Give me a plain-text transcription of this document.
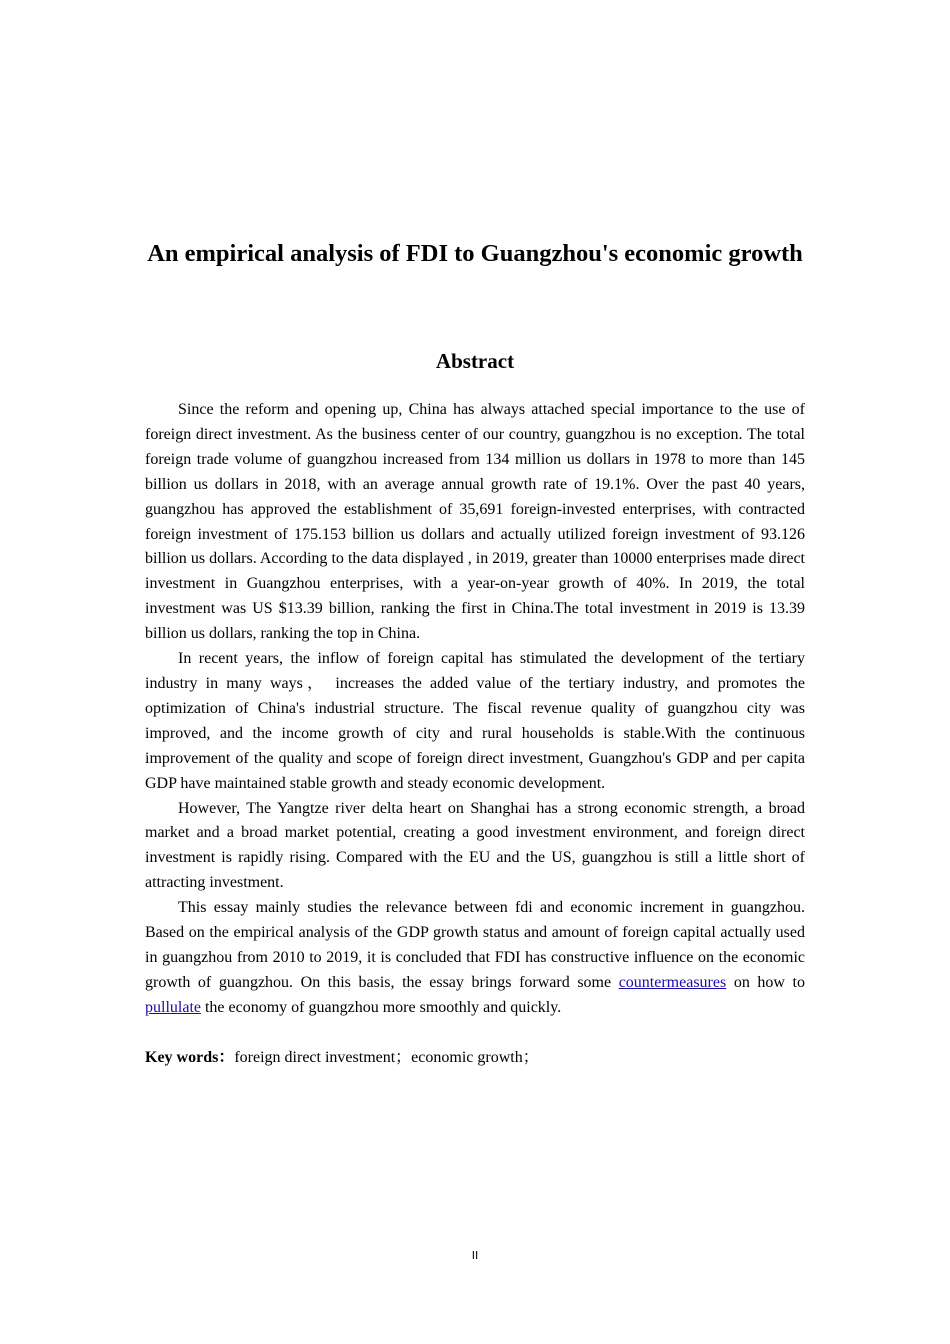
An empirical analysis of FDI to Guangzhou's economic growth
Abstract

Since the reform and opening up, China has always attached special importance to the use of foreign direct investment. As the business center of our country, guangzhou is no exception. The total foreign trade volume of guangzhou increased from 134 million us dollars in 1978 to more than 145 billion us dollars in 2018, with an average annual growth rate of 19.1%. Over the past 40 years, guangzhou has approved the establishment of 35,691 foreign-invested enterprises, with contracted foreign investment of 175.153 billion us dollars and actually utilized foreign investment of 93.126 billion us dollars. According to the data displayed , in 2019, greater than 10000 enterprises made direct investment in Guangzhou enterprises, with a year-on-year growth of 40%. In 2019, the total investment was US $13.39 billion, ranking the first in China.The total investment in 2019 is 13.39 billion us dollars, ranking the top in China.

In recent years, the inflow of foreign capital has stimulated the development of the tertiary industry in many ways， increases the added value of the tertiary industry, and promotes the optimization of China's industrial structure. The fiscal revenue quality of guangzhou city was improved, and the income growth of city and rural households is stable.With the continuous improvement of the quality and scope of foreign direct investment, Guangzhou's GDP and per capita GDP have maintained stable growth and steady economic development.

However, The Yangtze river delta heart on Shanghai has a strong economic strength, a broad market and a broad market potential, creating a good investment environment, and foreign direct investment is rapidly rising. Compared with the EU and the US, guangzhou is still a little short of attracting investment.

This essay mainly studies the relevance between fdi and economic increment in guangzhou. Based on the empirical analysis of the GDP growth status and amount of foreign capital actually used in guangzhou from 2010 to 2019, it is concluded that FDI has constructive influence on the economic growth of guangzhou. On this basis, the essay brings forward some countermeasures on how to pullulate the economy of guangzhou more smoothly and quickly.

Key words：foreign direct investment；economic growth；
II
